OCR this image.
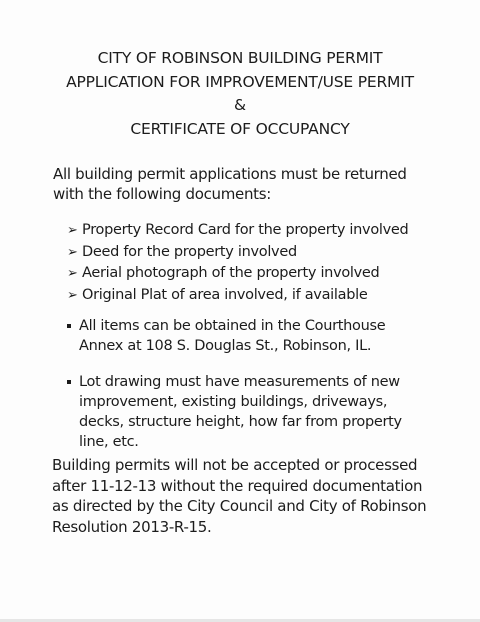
CITY OF ROBINSON BUILDING PERMIT
APPLICATION FOR IMPROVEMENT/USE PERMIT
&
CERTIFICATE OF OCCUPANCY
All building permit applications must be returned
with the following documents:
➢ Property Record Card for the property involved
➢ Deed for the property involved
➢ Aerial photograph of the property involved
➢ Original Plat of area involved, if available
All items can be obtained in the Courthouse
Annex at 108 S. Douglas St., Robinson, IL.
Lot drawing must have measurements of new
improvement, existing buildings, driveways,
decks, structure height, how far from property
line, etc.
Building permits will not be accepted or processed
after 11-12-13 without the required documentation
as directed by the City Council and City of Robinson
Resolution 2013-R-15.
